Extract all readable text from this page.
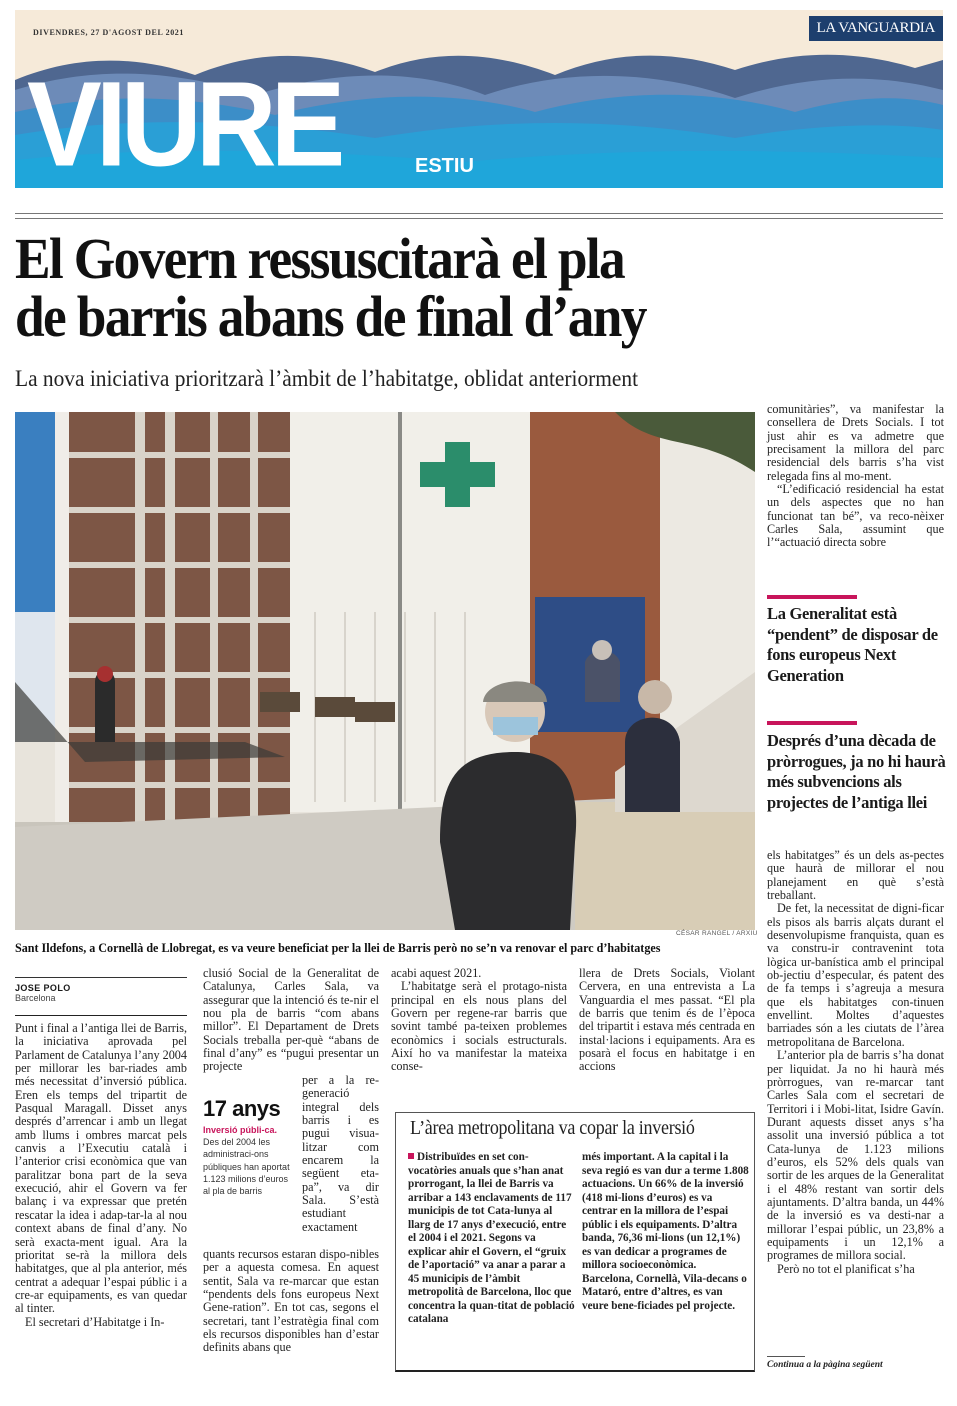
DIVENDRES, 27 D'AGOST DEL 2021	LA VANGUARDIA
VIURE	ESTIU
El Govern ressuscitarà el pla
de barris abans de final d’any
La nova iniciativa prioritzarà l’àmbit de l’habitatge, oblidat anteriorment
CÉSAR RANGEL / ARXIU
Sant Ildefons, a Cornellà de Llobregat, es va veure beneficiat per la llei de Barris però no se’n va renovar el parc d’habitatges
JOSE POLO
Barcelona

Punt i final a l’antiga llei de Barris, la iniciativa aprovada pel Parlament de Catalunya l’any 2004 per millorar les bar-riades amb més necessitat d’inversió pública. Eren els temps del tripartit de Pasqual Maragall. Disset anys després d’arrencar i amb un llegat amb llums i ombres marcat pels canvis a l’Executiu català i l’anterior crisi econòmica que van paralitzar bona part de la seva execució, ahir el Govern va fer balanç i va expressar que pretén rescatar la idea i adap-tar-la al nou context abans de final d’any. No serà exacta-ment igual. Ara la prioritat se-rà la millora dels habitatges, que al pla anterior, més centrat a adequar l’espai públic i a cre-ar equipaments, es van quedar al tinter.

El secretari d’Habitatge i In-

clusió Social de la Generalitat de Catalunya, Carles Sala, va assegurar que la intenció és te-nir el nou pla de barris “com abans millor”. El Departament de Drets Socials treballa per-què “abans de final d’any” es “pugui presentar un projecte

per a la re-generació integral dels barris i es pugui visua-litzar com encarem la següent eta-pa”, va dir Sala. S’està estudiant exactament

quants recursos estaran dispo-nibles per a aquesta comesa. En aquest sentit, Sala va re-marcar que estan “pendents dels fons europeus Next Gene-ration”. En tot cas, segons el secretari, tant l’estratègia final com els recursos disponibles han d’estar definits abans que

17 anys
Inversió públi-ca. Des del 2004 les administraci-ons públiques han aportat 1.123 milions d’euros al pla de barris

acabi aquest 2021.

L’habitatge serà el protago-nista principal en els nous plans del Govern per regene-rar barris que sovint també pa-teixen problemes econòmics i socials estructurals. Així ho va manifestar la mateixa conse-

llera de Drets Socials, Violant Cervera, en una entrevista a La Vanguardia el mes passat. “El pla de barris que tenim és de l’època del tripartit i estava més centrada en instal·lacions i equipaments. Ara es posarà el focus en habitatge i en accions

L’àrea metropolitana va copar la inversió
Distribuïdes en set con-vocatòries anuals que s’han anat prorrogant, la llei de Barris va arribar a 143 enclavaments de 117 municipis de tot Cata-lunya al llarg de 17 anys d’execució, entre el 2004 i el 2021. Segons va explicar ahir el Govern, el “gruix de l’aportació” va anar a parar a 45 municipis de l’àmbit metropolità de Barcelona, lloc que concentra la quan-titat de població catalana
més important. A la capital i la seva regió es van dur a terme 1.808 actuacions. Un 66% de la inversió (418 mi-lions d’euros) es va centrar en la millora de l’espai públic i els equipaments. D’altra banda, 76,36 mi-lions (un 12,1%) es van dedicar a programes de millora socioeconòmica. Barcelona, Cornellà, Vila-decans o Mataró, entre d’altres, es van veure bene-ficiades pel projecte.

comunitàries”, va manifestar la consellera de Drets Socials. I tot just ahir es va admetre que precisament la millora del parc residencial dels barris s’ha vist relegada fins al mo-ment.

“L’edificació residencial ha estat un dels aspectes que no han funcionat tan bé”, va reco-nèixer Carles Sala, assumint que l’“actuació directa sobre

La Generalitat està “pendent” de disposar de fons europeus Next Generation
Després d’una dècada de pròrrogues, ja no hi haurà més subvencions als projectes de l’antiga llei

els habitatges” és un dels as-pectes que haurà de millorar el nou planejament en què s’està treballant.

De fet, la necessitat de digni-ficar els pisos als barris alçats durant el desenvolupisme franquista, quan es va constru-ir contravenint tota lògica ur-banística amb el principal ob-jectiu d’especular, és patent des de fa temps i s’agreuja a mesura que els habitatges con-tinuen envellint. Moltes d’aquestes barriades són a les ciutats de l’àrea metropolitana de Barcelona.

L’anterior pla de barris s’ha donat per liquidat. Ja no hi haurà més pròrrogues, van re-marcar tant Carles Sala com el secretari de Territori i i Mobi-litat, Isidre Gavín. Durant aquests disset anys s’ha assolit una inversió pública a tot Cata-lunya de 1.123 milions d’euros, els 52% dels quals van sortir de les arques de la Generalitat i el 48% restant van sortir dels ajuntaments. D’altra banda, un 44% de la inversió es va desti-nar a millorar l’espai públic, un 23,8% a equipaments i un 12,1% a programes de millora social.

Però no tot el planificat s’ha

Continua a la pàgina següent
